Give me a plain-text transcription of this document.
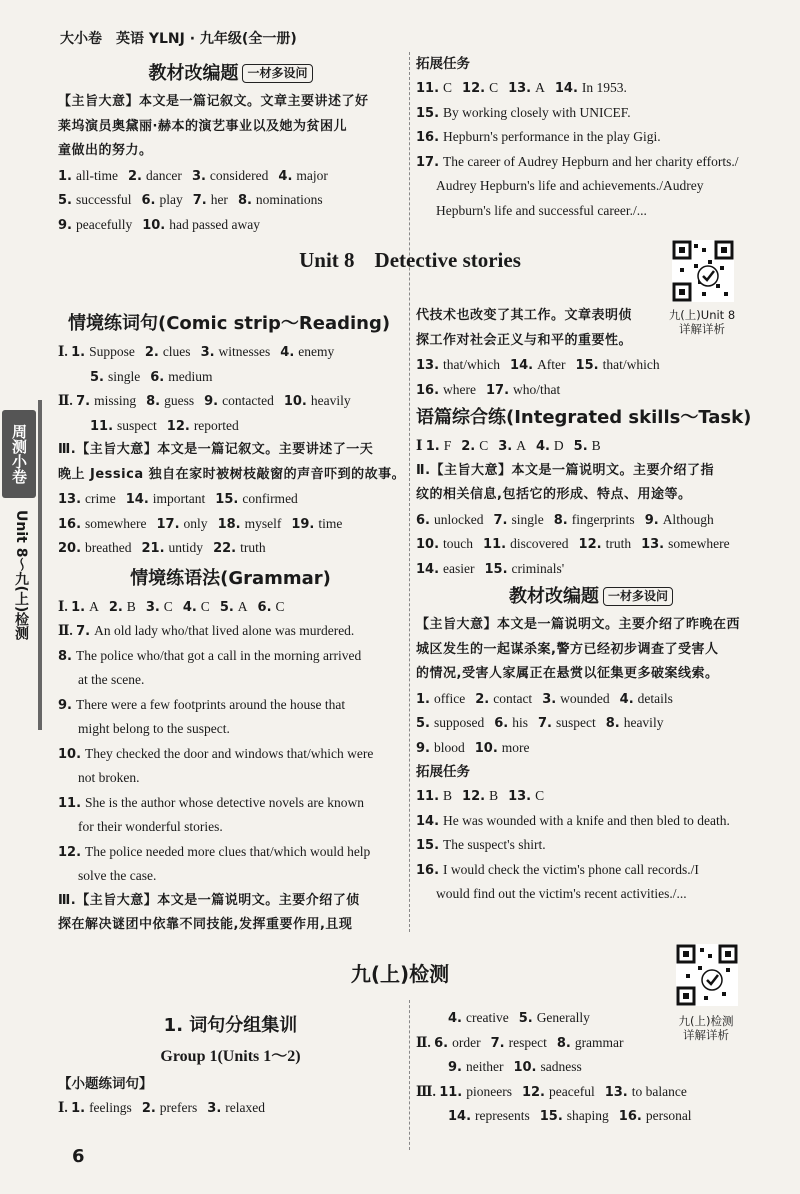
大小卷　英语 YLNJ · 九年级(全一册)
周测小卷
Unit 8～九(上)检测
教材改编题 一材多设问
【主旨大意】本文是一篇记叙文。文章主要讲述了好
莱坞演员奥黛丽·赫本的演艺事业以及她为贫困儿
童做出的努力。
1. all-time 2. dancer 3. considered 4. major
5. successful 6. play 7. her 8. nominations
9. peacefully 10. had passed away
拓展任务
11. C 12. C 13. A 14. In 1953.
15. By working closely with UNICEF.
16. Hepburn's performance in the play Gigi.
17. The career of Audrey Hepburn and her charity efforts./
Audrey Hepburn's life and achievements./Audrey
Hepburn's life and successful career./...
Unit 8 Detective stories
九(上)Unit 8
详解详析
情境练词句(Comic strip～Reading)
Ⅰ. 1. Suppose 2. clues 3. witnesses 4. enemy
5. single 6. medium
Ⅱ. 7. missing 8. guess 9. contacted 10. heavily
11. suspect 12. reported
Ⅲ.【主旨大意】本文是一篇记叙文。主要讲述了一天
晚上 Jessica 独自在家时被树枝敲窗的声音吓到的故事。
13. crime 14. important 15. confirmed
16. somewhere 17. only 18. myself 19. time
20. breathed 21. untidy 22. truth
情境练语法(Grammar)
Ⅰ. 1. A 2. B 3. C 4. C 5. A 6. C
Ⅱ. 7. An old lady who/that lived alone was murdered.
8. The police who/that got a call in the morning arrived
at the scene.
9. There were a few footprints around the house that
might belong to the suspect.
10. They checked the door and windows that/which were
not broken.
11. She is the author whose detective novels are known
for their wonderful stories.
12. The police needed more clues that/which would help
solve the case.
Ⅲ.【主旨大意】本文是一篇说明文。主要介绍了侦
探在解决谜团中依靠不同技能,发挥重要作用,且现
代技术也改变了其工作。文章表明侦
探工作对社会正义与和平的重要性。
13. that/which 14. After 15. that/which
16. where 17. who/that
语篇综合练(Integrated skills～Task)
Ⅰ 1. F 2. C 3. A 4. D 5. B
Ⅱ.【主旨大意】本文是一篇说明文。主要介绍了指
纹的相关信息,包括它的形成、特点、用途等。
6. unlocked 7. single 8. fingerprints 9. Although
10. touch 11. discovered 12. truth 13. somewhere
14. easier 15. criminals'
教材改编题 一材多设问
【主旨大意】本文是一篇说明文。主要介绍了昨晚在西
城区发生的一起谋杀案,警方已经初步调查了受害人
的情况,受害人家属正在悬赏以征集更多破案线索。
1. office 2. contact 3. wounded 4. details
5. supposed 6. his 7. suspect 8. heavily
9. blood 10. more
拓展任务
11. B 12. B 13. C
14. He was wounded with a knife and then bled to death.
15. The suspect's shirt.
16. I would check the victim's phone call records./I
would find out the victim's recent activities./...
九(上)检测
九(上)检测
详解详析
1. 词句分组集训
Group 1(Units 1～2)
【小题练词句】
Ⅰ. 1. feelings 2. prefers 3. relaxed
4. creative 5. Generally
Ⅱ. 6. order 7. respect 8. grammar
9. neither 10. sadness
Ⅲ. 11. pioneers 12. peaceful 13. to balance
14. represents 15. shaping 16. personal
6
